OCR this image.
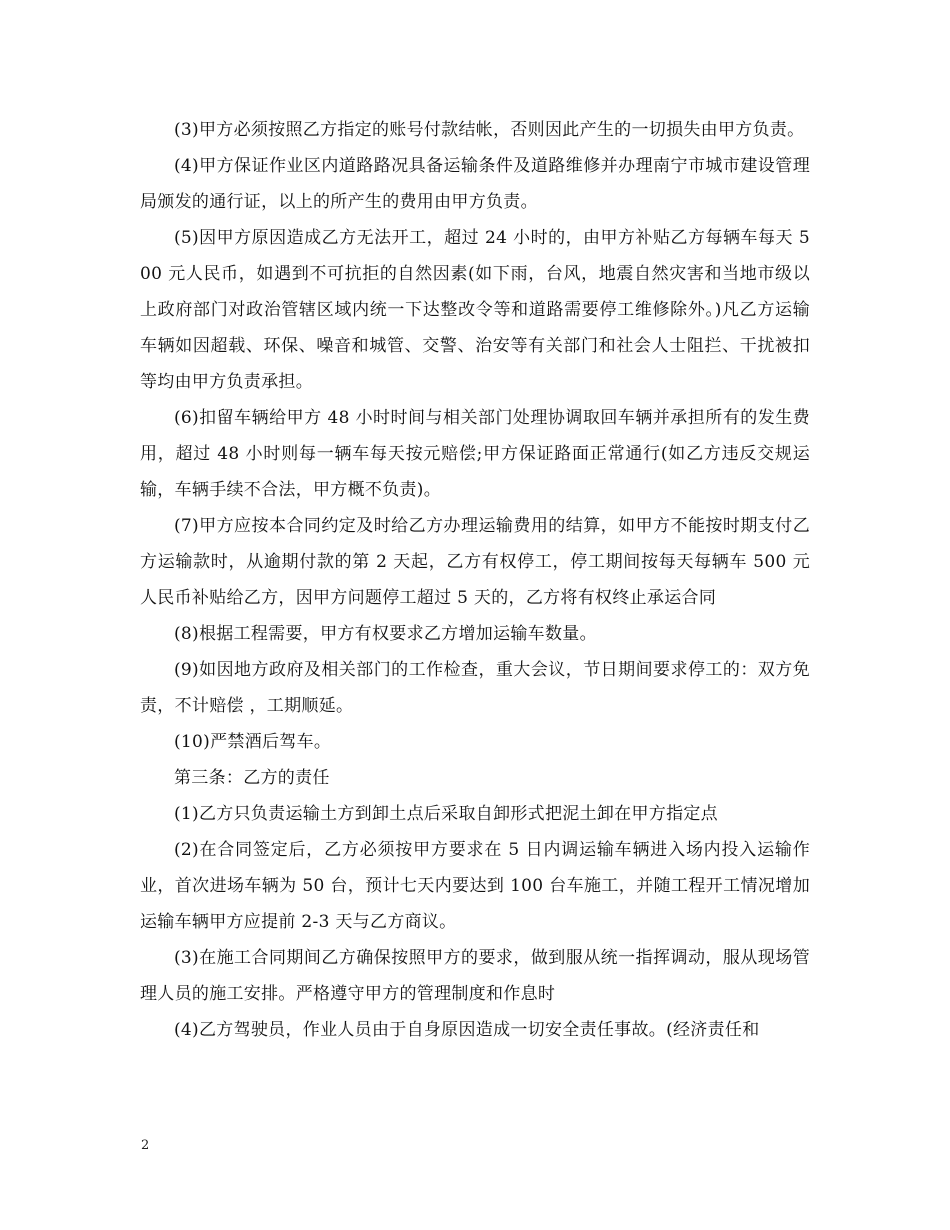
(3)甲方必须按照乙方指定的账号付款结帐，否则因此产生的一切损失由甲方负责。

(4)甲方保证作业区内道路路况具备运输条件及道路维修并办理南宁市城市建设管理局颁发的通行证，以上的所产生的费用由甲方负责。

(5)因甲方原因造成乙方无法开工，超过 24 小时的，由甲方补贴乙方每辆车每天 500 元人民币，如遇到不可抗拒的自然因素(如下雨，台风，地震自然灾害和当地市级以上政府部门对政治管辖区域内统一下达整改令等和道路需要停工维修除外。)凡乙方运输车辆如因超载、环保、噪音和城管、交警、治安等有关部门和社会人士阻拦、干扰被扣等均由甲方负责承担。

(6)扣留车辆给甲方 48 小时时间与相关部门处理协调取回车辆并承担所有的发生费用，超过 48 小时则每一辆车每天按元赔偿;甲方保证路面正常通行(如乙方违反交规运输，车辆手续不合法，甲方概不负责)。

(7)甲方应按本合同约定及时给乙方办理运输费用的结算，如甲方不能按时期支付乙方运输款时，从逾期付款的第 2 天起，乙方有权停工，停工期间按每天每辆车 500 元人民币补贴给乙方，因甲方问题停工超过 5 天的，乙方将有权终止承运合同

(8)根据工程需要，甲方有权要求乙方增加运输车数量。

(9)如因地方政府及相关部门的工作检查，重大会议，节日期间要求停工的：双方免责，不计赔偿 ，工期顺延。

(10)严禁酒后驾车。

第三条：乙方的责任

(1)乙方只负责运输土方到卸土点后采取自卸形式把泥土卸在甲方指定点

(2)在合同签定后，乙方必须按甲方要求在 5 日内调运输车辆进入场内投入运输作业，首次进场车辆为 50 台，预计七天内要达到 100 台车施工，并随工程开工情况增加运输车辆甲方应提前 2-3 天与乙方商议。

(3)在施工合同期间乙方确保按照甲方的要求，做到服从统一指挥调动，服从现场管理人员的施工安排。严格遵守甲方的管理制度和作息时

(4)乙方驾驶员，作业人员由于自身原因造成一切安全责任事故。(经济责任和

2
